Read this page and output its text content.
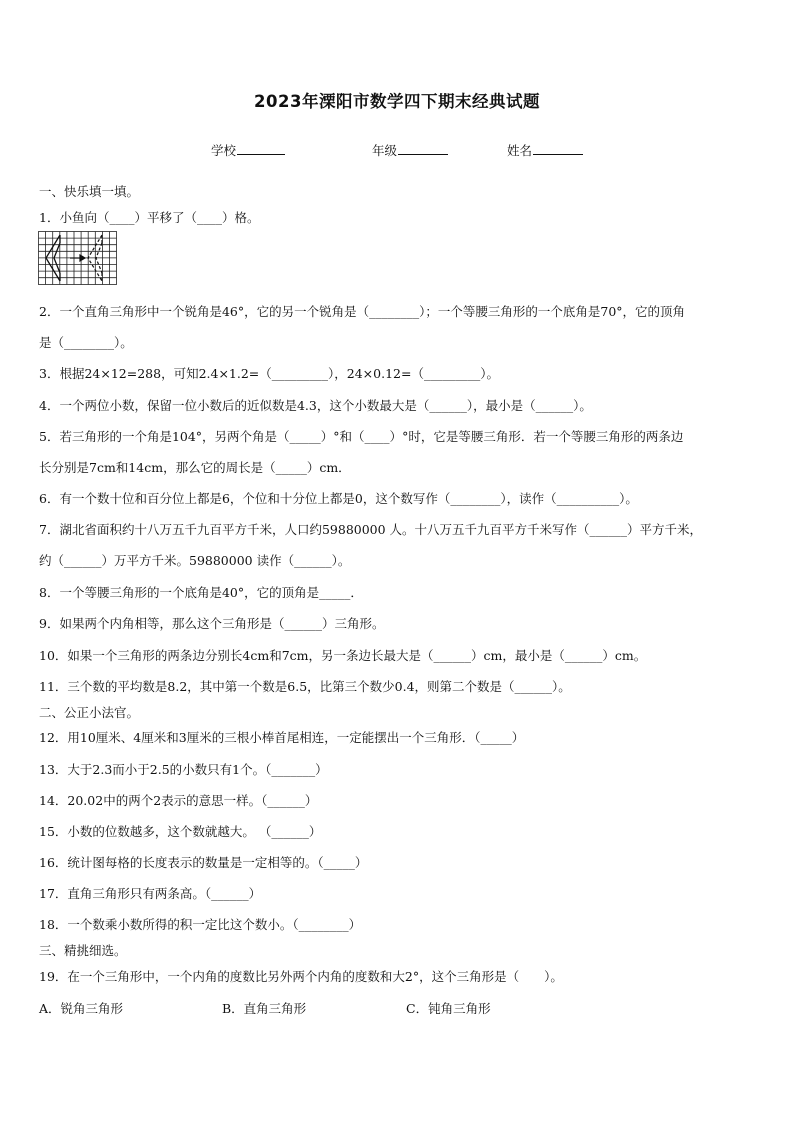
2023年溧阳市数学四下期末经典试题
学校	年级	姓名
一、快乐填一填。
1．小鱼向（____）平移了（____）格。
2．一个直角三角形中一个锐角是46°，它的另一个锐角是（________）；一个等腰三角形的一个底角是70°，它的顶角
是（________）。
3．根据24×12=288，可知2.4×1.2=（_________），24×0.12=（_________）。
4．一个两位小数，保留一位小数后的近似数是4.3，这个小数最大是（______），最小是（______）。
5．若三角形的一个角是104°，另两个角是（_____）°和（____）°时，它是等腰三角形．若一个等腰三角形的两条边
长分别是7cm和14cm，那么它的周长是（_____）cm．
6．有一个数十位和百分位上都是6，个位和十分位上都是0，这个数写作（________），读作（__________）。
7．湖北省面积约十八万五千九百平方千米，人口约59880000 人。十八万五千九百平方千米写作（______）平方千米，
约（______）万平方千米。59880000 读作（______）。
8．一个等腰三角形的一个底角是40°，它的顶角是_____．
9．如果两个内角相等，那么这个三角形是（______）三角形。
10．如果一个三角形的两条边分别长4cm和7cm，另一条边长最大是（______）cm，最小是（______）cm。
11．三个数的平均数是8.2，其中第一个数是6.5，比第三个数少0.4，则第二个数是（______）。
二、公正小法官。
12．用10厘米、4厘米和3厘米的三根小棒首尾相连，一定能摆出一个三角形．（_____）
13．大于2.3而小于2.5的小数只有1个。（_______）
14．20.02中的两个2表示的意思一样。（______）
15．小数的位数越多，这个数就越大。 （______）
16．统计图每格的长度表示的数量是一定相等的。（_____）
17．直角三角形只有两条高。（______）
18．一个数乘小数所得的积一定比这个数小。（________）
三、精挑细选。
19．在一个三角形中，一个内角的度数比另外两个内角的度数和大2°，这个三角形是（　　）。
A．锐角三角形	B．直角三角形	C．钝角三角形
